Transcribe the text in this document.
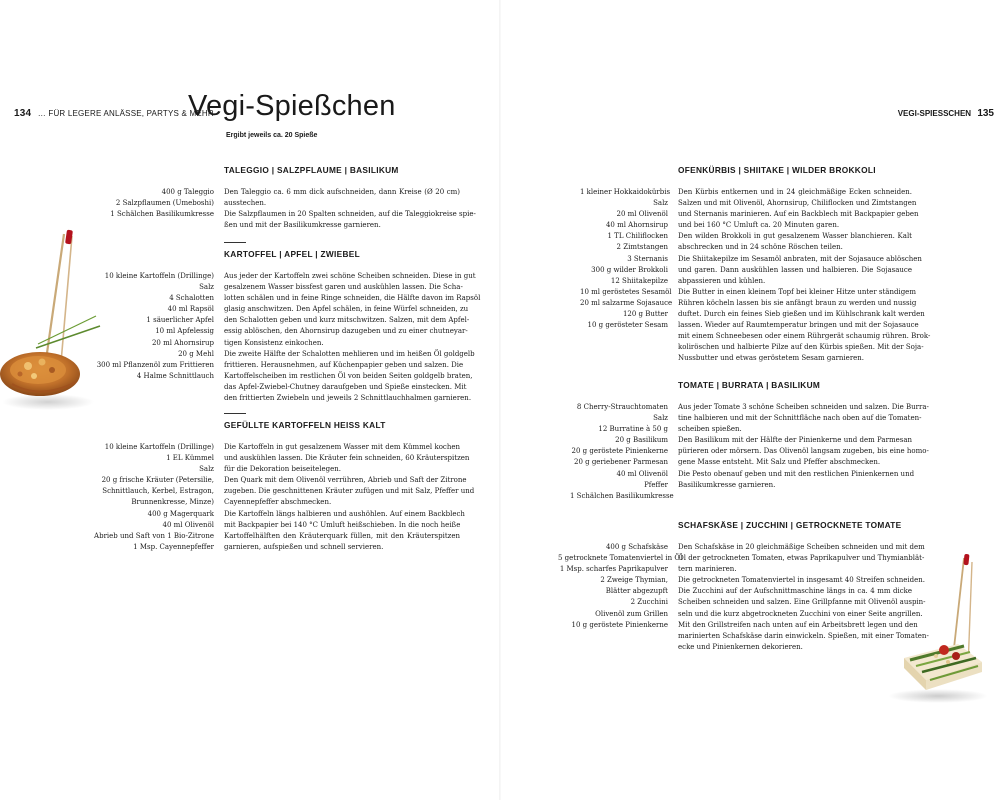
134 … FÜR LEGERE ANLÄSSE, PARTYS & MEHR	VEGI-SPIESSCHEN 135
Vegi-Spießchen
Ergibt jeweils ca. 20 Spieße
TALEGGIO | SALZPFLAUME | BASILIKUM
400 g Taleggio
2 Salzpflaumen (Umeboshi)
1 Schälchen Basilikumkresse
Den Taleggio ca. 6 mm dick aufschneiden, dann Kreise (Ø 20 cm)
ausstechen.
Die Salzpflaumen in 20 Spalten schneiden, auf die Taleggiokreise spie-
ßen und mit der Basilikumkresse garnieren.
KARTOFFEL | APFEL | ZWIEBEL
10 kleine Kartoffeln (Drillinge)
Salz
4 Schalotten
40 ml Rapsöl
1 säuerlicher Apfel
10 ml Apfelessig
20 ml Ahornsirup
20 g Mehl
300 ml Pflanzenöl zum Frittieren
4 Halme Schnittlauch
Aus jeder der Kartoffeln zwei schöne Scheiben schneiden. Diese in gut
gesalzenem Wasser bissfest garen und auskühlen lassen. Die Scha-
lotten schälen und in feine Ringe schneiden, die Hälfte davon im Rapsöl
glasig anschwitzen. Den Apfel schälen, in feine Würfel schneiden, zu
den Schalotten geben und kurz mitschwitzen. Salzen, mit dem Apfel-
essig ablöschen, den Ahornsirup dazugeben und zu einer chutneyar-
tigen Konsistenz einkochen.
Die zweite Hälfte der Schalotten mehlieren und im heißen Öl goldgelb
frittieren. Herausnehmen, auf Küchenpapier geben und salzen. Die
Kartoffelscheiben im restlichen Öl von beiden Seiten goldgelb braten,
das Apfel-Zwiebel-Chutney daraufgeben und Spieße einstecken. Mit
den frittierten Zwiebeln und jeweils 2 Schnittlauchhalmen garnieren.
GEFÜLLTE KARTOFFELN HEISS KALT
10 kleine Kartoffeln (Drillinge)
1 EL Kümmel
Salz
20 g frische Kräuter (Petersilie,
Schnittlauch, Kerbel, Estragon,
Brunnenkresse, Minze)
400 g Magerquark
40 ml Olivenöl
Abrieb und Saft von 1 Bio-Zitrone
1 Msp. Cayennepfeffer
Die Kartoffeln in gut gesalzenem Wasser mit dem Kümmel kochen
und auskühlen lassen. Die Kräuter fein schneiden, 60 Kräuterspitzen
für die Dekoration beiseitelegen.
Den Quark mit dem Olivenöl verrühren, Abrieb und Saft der Zitrone
zugeben. Die geschnittenen Kräuter zufügen und mit Salz, Pfeffer und
Cayennepfeffer abschmecken.
Die Kartoffeln längs halbieren und aushöhlen. Auf einem Backblech
mit Backpapier bei 140 °C Umluft heißschieben. In die noch heiße
Kartoffelhälften den Kräuterquark füllen, mit den Kräuterspitzen
garnieren, aufspießen und schnell servieren.
OFENKÜRBIS | SHIITAKE | WILDER BROKKOLI
1 kleiner Hokkaidokürbis
Salz
20 ml Olivenöl
40 ml Ahornsirup
1 TL Chiliflocken
2 Zimtstangen
3 Sternanis
300 g wilder Brokkoli
12 Shiitakepilze
10 ml geröstetes Sesamöl
20 ml salzarme Sojasauce
120 g Butter
10 g gerösteter Sesam
Den Kürbis entkernen und in 24 gleichmäßige Ecken schneiden.
Salzen und mit Olivenöl, Ahornsirup, Chiliflocken und Zimtstangen
und Sternanis marinieren. Auf ein Backblech mit Backpapier geben
und bei 160 °C Umluft ca. 20 Minuten garen.
Den wilden Brokkoli in gut gesalzenem Wasser blanchieren. Kalt
abschrecken und in 24 schöne Röschen teilen.
Die Shiitakepilze im Sesamöl anbraten, mit der Sojasauce ablöschen
und garen. Dann auskühlen lassen und halbieren. Die Sojasauce
abpassieren und kühlen.
Die Butter in einen kleinem Topf bei kleiner Hitze unter ständigem
Rühren köcheln lassen bis sie anfängt braun zu werden und nussig
duftet. Durch ein feines Sieb gießen und im Kühlschrank kalt werden
lassen. Wieder auf Raumtemperatur bringen und mit der Sojasauce
mit einem Schneebesen oder einem Rührgerät schaumig rühren. Brok-
koliröschen und halbierte Pilze auf den Kürbis spießen. Mit der Soja-
Nussbutter und etwas geröstetem Sesam garnieren.
TOMATE | BURRATA | BASILIKUM
8 Cherry-Strauchtomaten
Salz
12 Burratine à 50 g
20 g Basilikum
20 g geröstete Pinienkerne
20 g geriebener Parmesan
40 ml Olivenöl
Pfeffer
1 Schälchen Basilikumkresse
Aus jeder Tomate 3 schöne Scheiben schneiden und salzen. Die Burra-
tine halbieren und mit der Schnittfläche nach oben auf die Tomaten-
scheiben spießen.
Den Basilikum mit der Hälfte der Pinienkerne und dem Parmesan
pürieren oder mörsern. Das Olivenöl langsam zugeben, bis eine homo-
gene Masse entsteht. Mit Salz und Pfeffer abschmecken.
Die Pesto obenauf geben und mit den restlichen Pinienkernen und
Basilikumkresse garnieren.
SCHAFSKÄSE | ZUCCHINI | GETROCKNETE TOMATE
400 g Schafskäse
5 getrocknete Tomatenviertel in Öl
1 Msp. scharfes Paprikapulver
2 Zweige Thymian,
Blätter abgezupft
2 Zucchini
Olivenöl zum Grillen
10 g geröstete Pinienkerne
Den Schafskäse in 20 gleichmäßige Scheiben schneiden und mit dem
Öl der getrockneten Tomaten, etwas Paprikapulver und Thymianblät-
tern marinieren.
Die getrockneten Tomatenviertel in insgesamt 40 Streifen schneiden.
Die Zucchini auf der Aufschnittmaschine längs in ca. 4 mm dicke
Scheiben schneiden und salzen. Eine Grillpfanne mit Olivenöl auspin-
seln und die kurz abgetrockneten Zucchini von einer Seite angrillen.
Mit den Grillstreifen nach unten auf ein Arbeitsbrett legen und den
marinierten Schafskäse darin einwickeln. Spießen, mit einer Tomaten-
ecke und Pinienkernen dekorieren.
